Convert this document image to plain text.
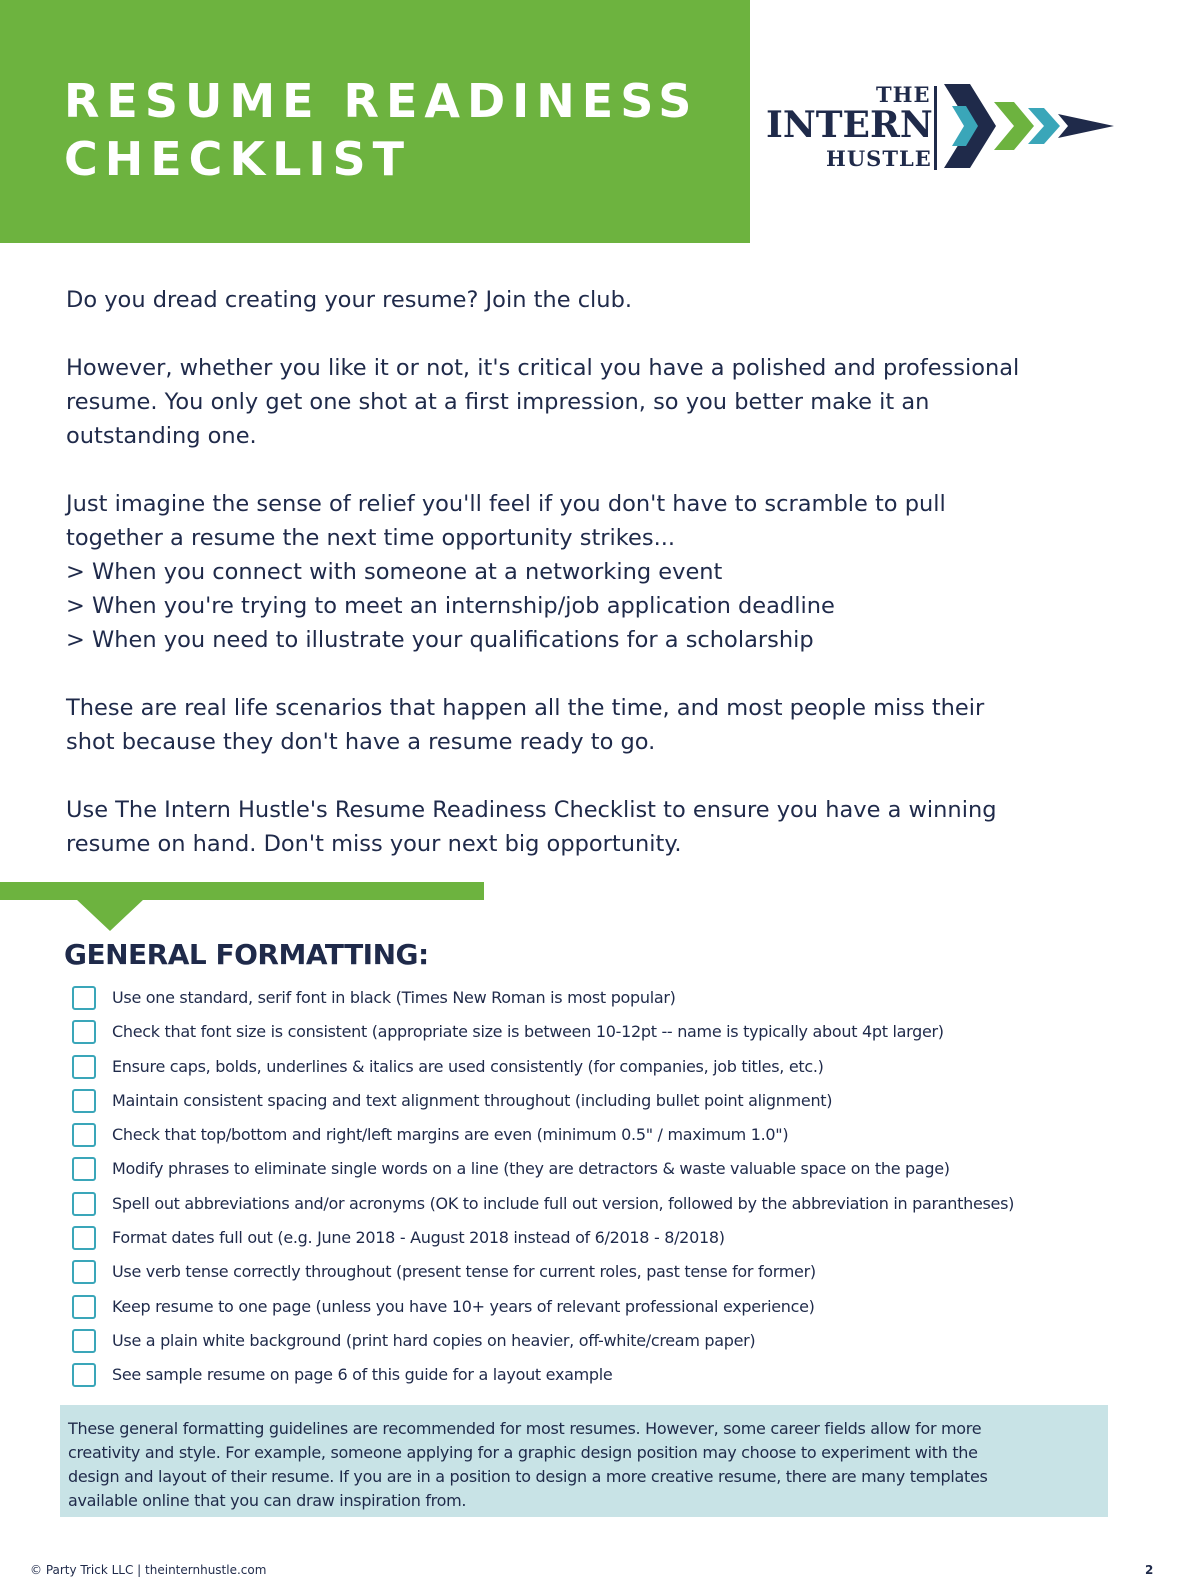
RESUME READINESS
CHECKLIST
THE
INTERN
HUSTLE

Do you dread creating your resume? Join the club.

However, whether you like it or not, it's critical you have a polished and professional
resume. You only get one shot at a first impression, so you better make it an
outstanding one.

Just imagine the sense of relief you'll feel if you don't have to scramble to pull
together a resume the next time opportunity strikes...
> When you connect with someone at a networking event
> When you're trying to meet an internship/job application deadline
> When you need to illustrate your qualifications for a scholarship

These are real life scenarios that happen all the time, and most people miss their
shot because they don't have a resume ready to go.

Use The Intern Hustle's Resume Readiness Checklist to ensure you have a winning
resume on hand. Don't miss your next big opportunity.

GENERAL FORMATTING:
Use one standard, serif font in black (Times New Roman is most popular)
Check that font size is consistent (appropriate size is between 10-12pt -- name is typically about 4pt larger)
Ensure caps, bolds, underlines & italics are used consistently (for companies, job titles, etc.)
Maintain consistent spacing and text alignment throughout (including bullet point alignment)
Check that top/bottom and right/left margins are even (minimum 0.5" / maximum 1.0")
Modify phrases to eliminate single words on a line (they are detractors & waste valuable space on the page)
Spell out abbreviations and/or acronyms (OK to include full out version, followed by the abbreviation in parantheses)
Format dates full out (e.g. June 2018 - August 2018 instead of 6/2018 - 8/2018)
Use verb tense correctly throughout (present tense for current roles, past tense for former)
Keep resume to one page (unless you have 10+ years of relevant professional experience)
Use a plain white background (print hard copies on heavier, off-white/cream paper)
See sample resume on page 6 of this guide for a layout example
These general formatting guidelines are recommended for most resumes. However, some career fields allow for more
creativity and style. For example, someone applying for a graphic design position may choose to experiment with the
design and layout of their resume. If you are in a position to design a more creative resume, there are many templates
available online that you can draw inspiration from.
© Party Trick LLC | theinternhustle.com	2
